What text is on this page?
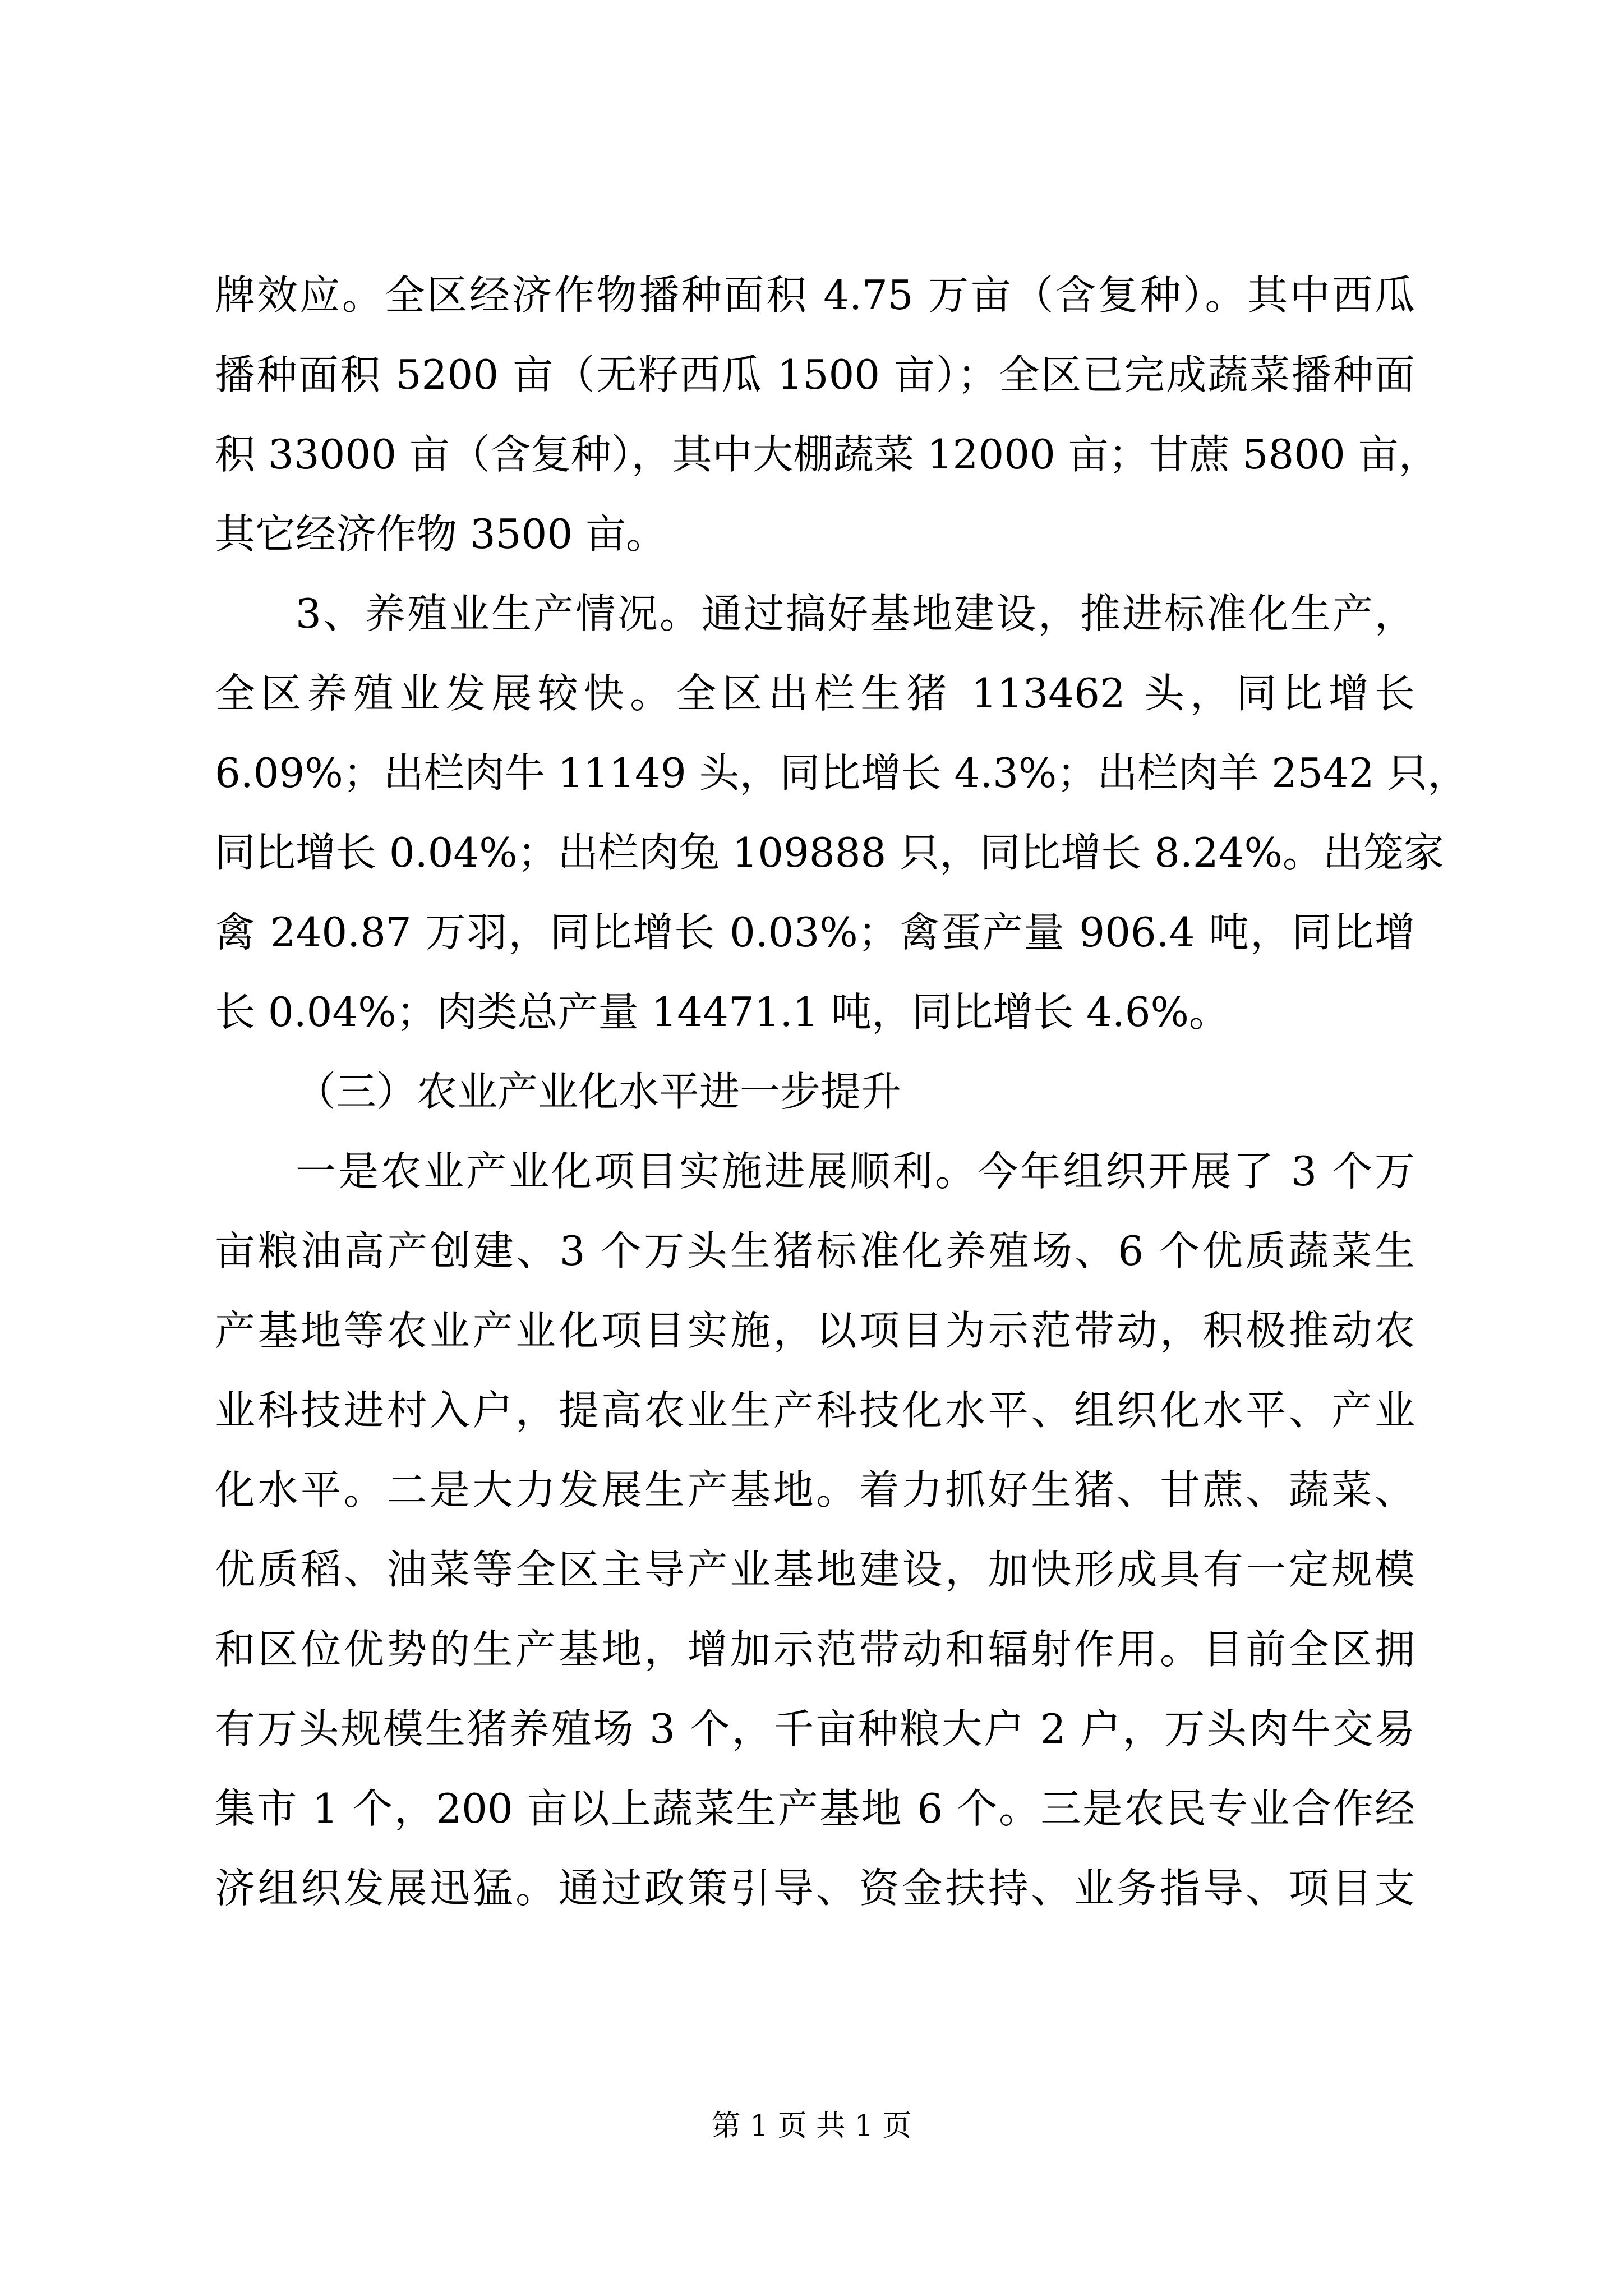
牌效应。全区经济作物播种面积 4.75 万亩（含复种）。其中西瓜
播种面积 5200 亩（无籽西瓜 1500 亩）；全区已完成蔬菜播种面
积 33000 亩（含复种），其中大棚蔬菜 12000 亩；甘蔗 5800 亩，
其它经济作物 3500 亩。
3、养殖业生产情况。通过搞好基地建设，推进标准化生产，
全区养殖业发展较快。全区出栏生猪 113462 头，同比增长
6.09%；出栏肉牛 11149 头，同比增长 4.3%；出栏肉羊 2542 只，
同比增长 0.04%；出栏肉兔 109888 只，同比增长 8.24%。出笼家
禽 240.87 万羽，同比增长 0.03%；禽蛋产量 906.4 吨，同比增
长 0.04%；肉类总产量 14471.1 吨，同比增长 4.6%。
（三）农业产业化水平进一步提升
一是农业产业化项目实施进展顺利。今年组织开展了 3 个万
亩粮油高产创建、3 个万头生猪标准化养殖场、6 个优质蔬菜生
产基地等农业产业化项目实施，以项目为示范带动，积极推动农
业科技进村入户，提高农业生产科技化水平、组织化水平、产业
化水平。二是大力发展生产基地。着力抓好生猪、甘蔗、蔬菜、
优质稻、油菜等全区主导产业基地建设，加快形成具有一定规模
和区位优势的生产基地，增加示范带动和辐射作用。目前全区拥
有万头规模生猪养殖场 3 个，千亩种粮大户 2 户，万头肉牛交易
集市 1 个，200 亩以上蔬菜生产基地 6 个。三是农民专业合作经
济组织发展迅猛。通过政策引导、资金扶持、业务指导、项目支
第 1 页 共 1 页
